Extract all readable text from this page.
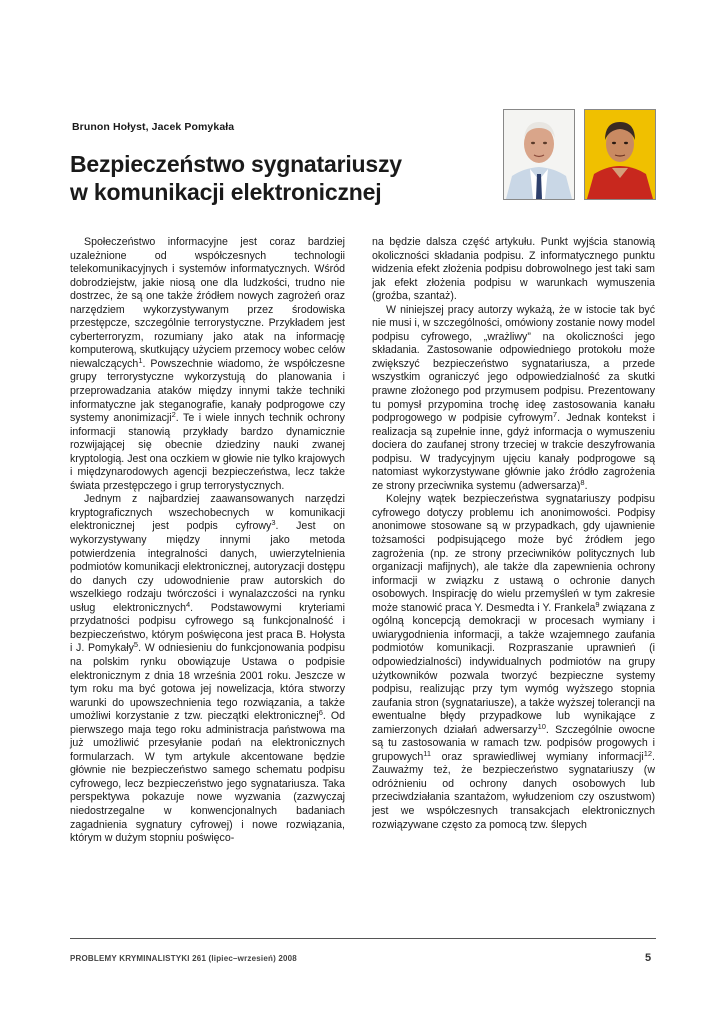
Brunon Hołyst, Jacek Pomykała
Bezpieczeństwo sygnatariuszy
w komunikacji elektronicznej

Społeczeństwo informacyjne jest coraz bardziej uzależnione od współczesnych technologii telekomunikacyjnych i systemów informatycznych. Wśród dobrodziejstw, jakie niosą one dla ludzkości, trudno nie dostrzec, że są one także źródłem nowych zagrożeń oraz narzędziem wykorzystywanym przez środowiska przestępcze, szczególnie terrorystyczne. Przykładem jest cyberterroryzm, rozumiany jako atak na informację komputerową, skutkujący użyciem przemocy wobec celów niewalczących$^1$. Powszechnie wiadomo, że współczesne grupy terrorystyczne wykorzystują do planowania i przeprowadzania ataków między innymi także techniki informatyczne jak steganografie, kanały podprogowe czy systemy anonimizacji$^2$. Te i wiele innych technik ochrony informacji stanowią przykłady bardzo dynamicznie rozwijającej się obecnie dziedziny nauki zwanej kryptologią. Jest ona oczkiem w głowie nie tylko krajowych i międzynarodowych agencji bezpieczeństwa, lecz także świata przestępczego i grup terrorystycznych.

Jednym z najbardziej zaawansowanych narzędzi kryptograficznych wszechobecnych w komunikacji elektronicznej jest podpis cyfrowy$^3$. Jest on wykorzystywany między innymi jako metoda potwierdzenia integralności danych, uwierzytelnienia podmiotów komunikacji elektronicznej, autoryzacji dostępu do danych czy udowodnienie praw autorskich do wszelkiego rodzaju twórczości i wynalazczości na rynku usług elektronicznych$^4$. Podstawowymi kryteriami przydatności podpisu cyfrowego są funkcjonalność i bezpieczeństwo, którym poświęcona jest praca B. Hołysta i J. Pomykały$^5$. W odniesieniu do funkcjonowania podpisu na polskim rynku obowiązuje Ustawa o podpisie elektronicznym z dnia 18 września 2001 roku. Jeszcze w tym roku ma być gotowa jej nowelizacja, która stworzy warunki do upowszechnienia tego rozwiązania, a także umożliwi korzystanie z tzw. pieczątki elektronicznej$^6$. Od pierwszego maja tego roku administracja państwowa ma już umożliwić przesyłanie podań na elektronicznych formularzach. W tym artykule akcentowane będzie głównie nie bezpieczeństwo samego schematu podpisu cyfrowego, lecz bezpieczeństwo jego sygnatariusza. Taka perspektywa pokazuje nowe wyzwania (zazwyczaj niedostrzegalne w konwencjonalnych badaniach zagadnienia sygnatury cyfrowej) i nowe rozwiązania, którym w dużym stopniu poświęco-

na będzie dalsza część artykułu. Punkt wyjścia stanowią okoliczności składania podpisu. Z informatycznego punktu widzenia efekt złożenia podpisu dobrowolnego jest taki sam jak efekt złożenia podpisu w warunkach wymuszenia (groźba, szantaż).

W niniejszej pracy autorzy wykażą, że w istocie tak być nie musi i, w szczególności, omówiony zostanie nowy model podpisu cyfrowego, „wrażliwy” na okoliczności jego składania. Zastosowanie odpowiedniego protokołu może zwiększyć bezpieczeństwo sygnatariusza, a przede wszystkim ograniczyć jego odpowiedzialność za skutki prawne złożonego pod przymusem podpisu. Prezentowany tu pomysł przypomina trochę ideę zastosowania kanału podprogowego w podpisie cyfrowym$^7$. Jednak kontekst i realizacja są zupełnie inne, gdyż informacja o wymuszeniu dociera do zaufanej strony trzeciej w trakcie deszyfrowania podpisu. W tradycyjnym ujęciu kanały podprogowe są natomiast wykorzystywane głównie jako źródło zagrożenia ze strony przeciwnika systemu (adwersarza)$^8$.

Kolejny wątek bezpieczeństwa sygnatariuszy podpisu cyfrowego dotyczy problemu ich anonimowości. Podpisy anonimowe stosowane są w przypadkach, gdy ujawnienie tożsamości podpisującego może być źródłem jego zagrożenia (np. ze strony przeciwników politycznych lub organizacji mafijnych), ale także dla zapewnienia ochrony informacji w związku z ustawą o ochronie danych osobowych. Inspirację do wielu przemyśleń w tym zakresie może stanowić praca Y. Desmedta i Y. Frankela$^9$ związana z ogólną koncepcją demokracji w procesach wymiany i uwiarygodnienia informacji, a także wzajemnego zaufania podmiotów komunikacji. Rozpraszanie uprawnień (i odpowiedzialności) indywidualnych podmiotów na grupy użytkowników pozwala tworzyć bezpieczne systemy podpisu, realizując przy tym wymóg wyższego stopnia zaufania stron (sygnatariusze), a także wyższej tolerancji na ewentualne błędy przypadkowe lub wynikające z zamierzonych działań adwersarzy$^{10}$. Szczególnie owocne są tu zastosowania w ramach tzw. podpisów progowych i grupowych$^{11}$ oraz sprawiedliwej wymiany informacji$^{12}$. Zauważmy też, że bezpieczeństwo sygnatariuszy (w odróżnieniu od ochrony danych osobowych lub przeciwdziałania szantażom, wyłudzeniom czy oszustwom) jest we współczesnych transakcjach elektronicznych rozwiązywane często za pomocą tzw. ślepych

PROBLEMY KRYMINALISTYKI 261 (lipiec–wrzesień) 2008	5
